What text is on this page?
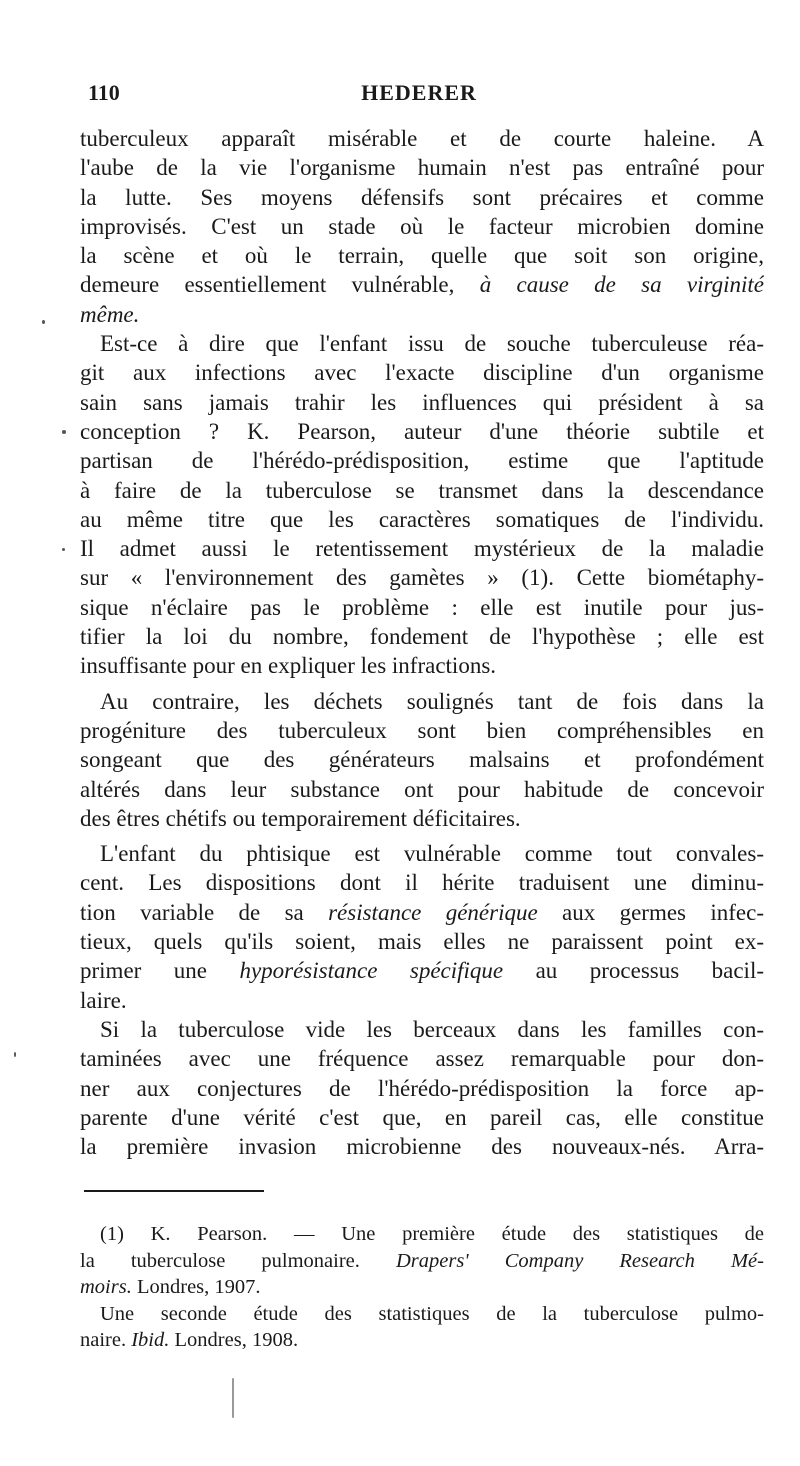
110	HEDERER
tuberculeux apparaît misérable et de courte haleine. A
l'aube de la vie l'organisme humain n'est pas entraîné pour
la lutte. Ses moyens défensifs sont précaires et comme
improvisés. C'est un stade où le facteur microbien domine
la scène et où le terrain, quelle que soit son origine,
demeure essentiellement vulnérable, à cause de sa virginité
même.
Est-ce à dire que l'enfant issu de souche tuberculeuse réa-
git aux infections avec l'exacte discipline d'un organisme
sain sans jamais trahir les influences qui président à sa
conception ? K. Pearson, auteur d'une théorie subtile et
partisan de l'hérédo-prédisposition, estime que l'aptitude
à faire de la tuberculose se transmet dans la descendance
au même titre que les caractères somatiques de l'individu.
Il admet aussi le retentissement mystérieux de la maladie
sur « l'environnement des gamètes » (1). Cette biométaphy-
sique n'éclaire pas le problème : elle est inutile pour jus-
tifier la loi du nombre, fondement de l'hypothèse ; elle est
insuffisante pour en expliquer les infractions.
Au contraire, les déchets soulignés tant de fois dans la
progéniture des tuberculeux sont bien compréhensibles en
songeant que des générateurs malsains et profondément
altérés dans leur substance ont pour habitude de concevoir
des êtres chétifs ou temporairement déficitaires.
L'enfant du phtisique est vulnérable comme tout convales-
cent. Les dispositions dont il hérite traduisent une diminu-
tion variable de sa résistance générique aux germes infec-
tieux, quels qu'ils soient, mais elles ne paraissent point ex-
primer une hyporésistance spécifique au processus bacil-
laire.
Si la tuberculose vide les berceaux dans les familles con-
taminées avec une fréquence assez remarquable pour don-
ner aux conjectures de l'hérédo-prédisposition la force ap-
parente d'une vérité c'est que, en pareil cas, elle constitue
la première invasion microbienne des nouveaux-nés. Arra-
(1) K. Pearson. — Une première étude des statistiques de
la tuberculose pulmonaire. Drapers' Company Research Mé-
moirs. Londres, 1907.
Une seconde étude des statistiques de la tuberculose pulmo-
naire. Ibid. Londres, 1908.
